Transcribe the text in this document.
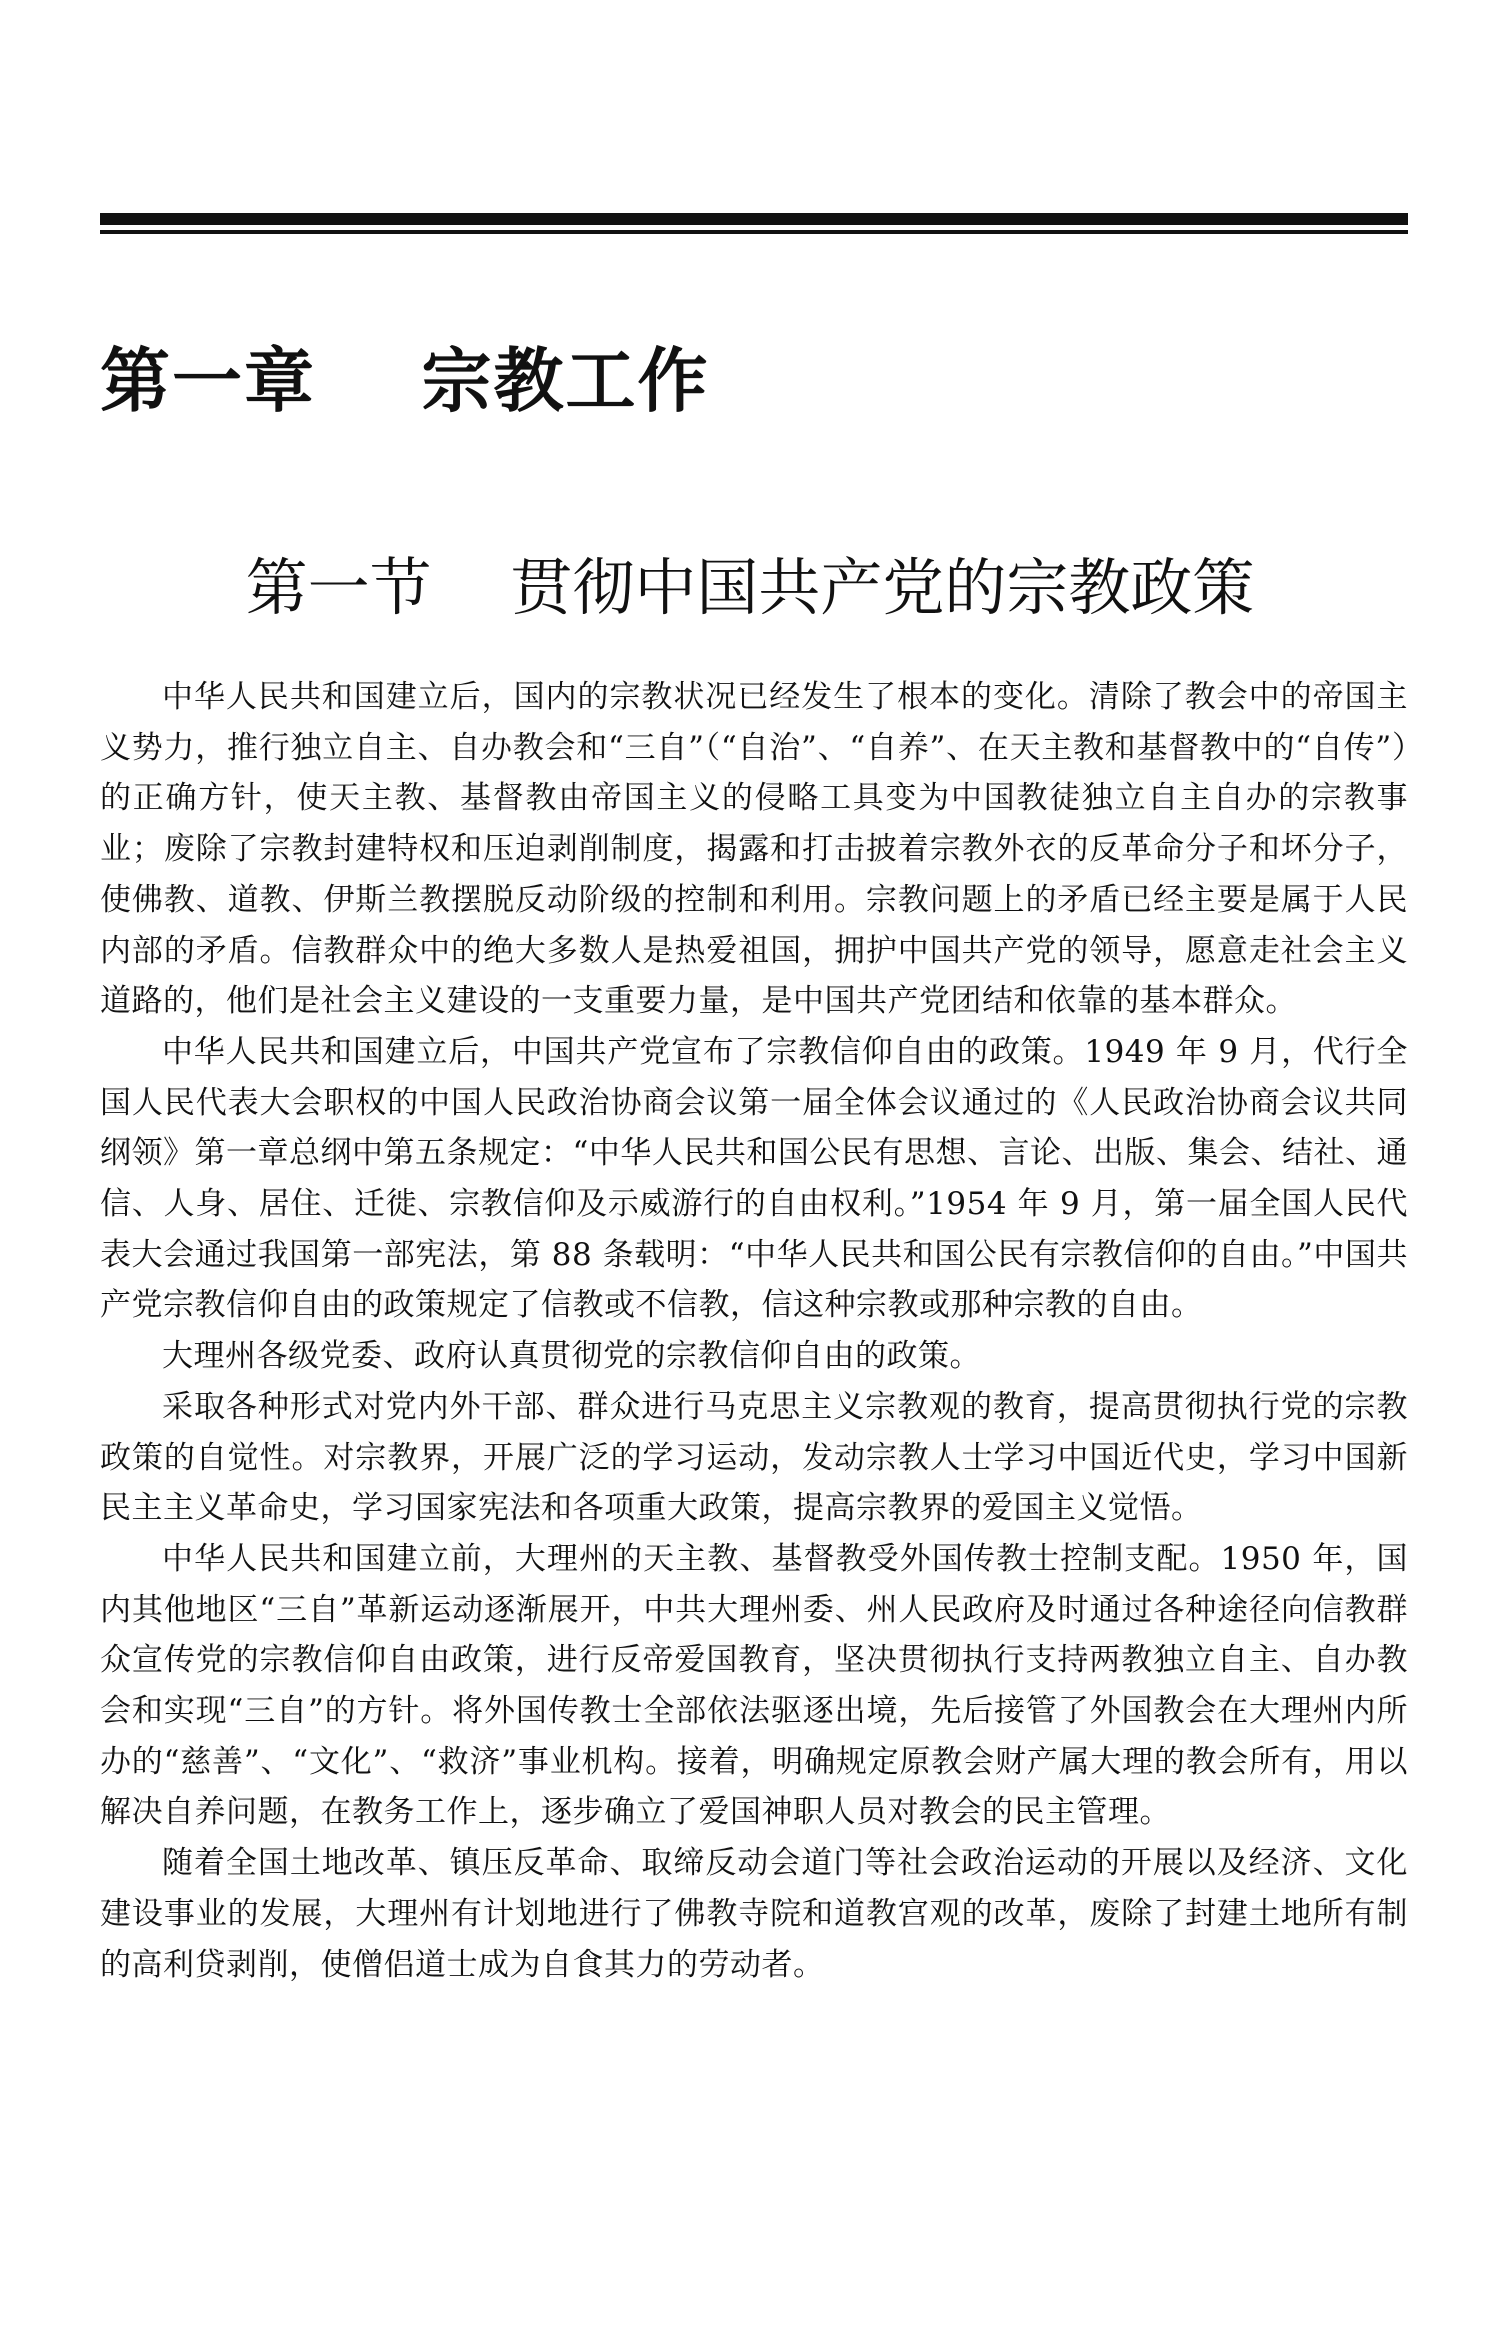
第一章    宗教工作
第一节    贯彻中国共产党的宗教政策

中华人民共和国建立后，国内的宗教状况已经发生了根本的变化。清除了教会中的帝国主义势力，推行独立自主、自办教会和“三自”（“自治”、“自养”、在天主教和基督教中的“自传”）的正确方针，使天主教、基督教由帝国主义的侵略工具变为中国教徒独立自主自办的宗教事业；废除了宗教封建特权和压迫剥削制度，揭露和打击披着宗教外衣的反革命分子和坏分子，使佛教、道教、伊斯兰教摆脱反动阶级的控制和利用。宗教问题上的矛盾已经主要是属于人民内部的矛盾。信教群众中的绝大多数人是热爱祖国，拥护中国共产党的领导，愿意走社会主义道路的，他们是社会主义建设的一支重要力量，是中国共产党团结和依靠的基本群众。

中华人民共和国建立后，中国共产党宣布了宗教信仰自由的政策。1949 年 9 月，代行全国人民代表大会职权的中国人民政治协商会议第一届全体会议通过的《人民政治协商会议共同纲领》第一章总纲中第五条规定：“中华人民共和国公民有思想、言论、出版、集会、结社、通信、人身、居住、迁徙、宗教信仰及示威游行的自由权利。”1954 年 9 月，第一届全国人民代表大会通过我国第一部宪法，第 88 条载明：“中华人民共和国公民有宗教信仰的自由。”中国共产党宗教信仰自由的政策规定了信教或不信教，信这种宗教或那种宗教的自由。

大理州各级党委、政府认真贯彻党的宗教信仰自由的政策。

采取各种形式对党内外干部、群众进行马克思主义宗教观的教育，提高贯彻执行党的宗教政策的自觉性。对宗教界，开展广泛的学习运动，发动宗教人士学习中国近代史，学习中国新民主主义革命史，学习国家宪法和各项重大政策，提高宗教界的爱国主义觉悟。

中华人民共和国建立前，大理州的天主教、基督教受外国传教士控制支配。1950 年，国内其他地区“三自”革新运动逐渐展开，中共大理州委、州人民政府及时通过各种途径向信教群众宣传党的宗教信仰自由政策，进行反帝爱国教育，坚决贯彻执行支持两教独立自主、自办教会和实现“三自”的方针。将外国传教士全部依法驱逐出境，先后接管了外国教会在大理州内所办的“慈善”、“文化”、“救济”事业机构。接着，明确规定原教会财产属大理的教会所有，用以解决自养问题，在教务工作上，逐步确立了爱国神职人员对教会的民主管理。

随着全国土地改革、镇压反革命、取缔反动会道门等社会政治运动的开展以及经济、文化建设事业的发展，大理州有计划地进行了佛教寺院和道教宫观的改革，废除了封建土地所有制的高利贷剥削，使僧侣道士成为自食其力的劳动者。
